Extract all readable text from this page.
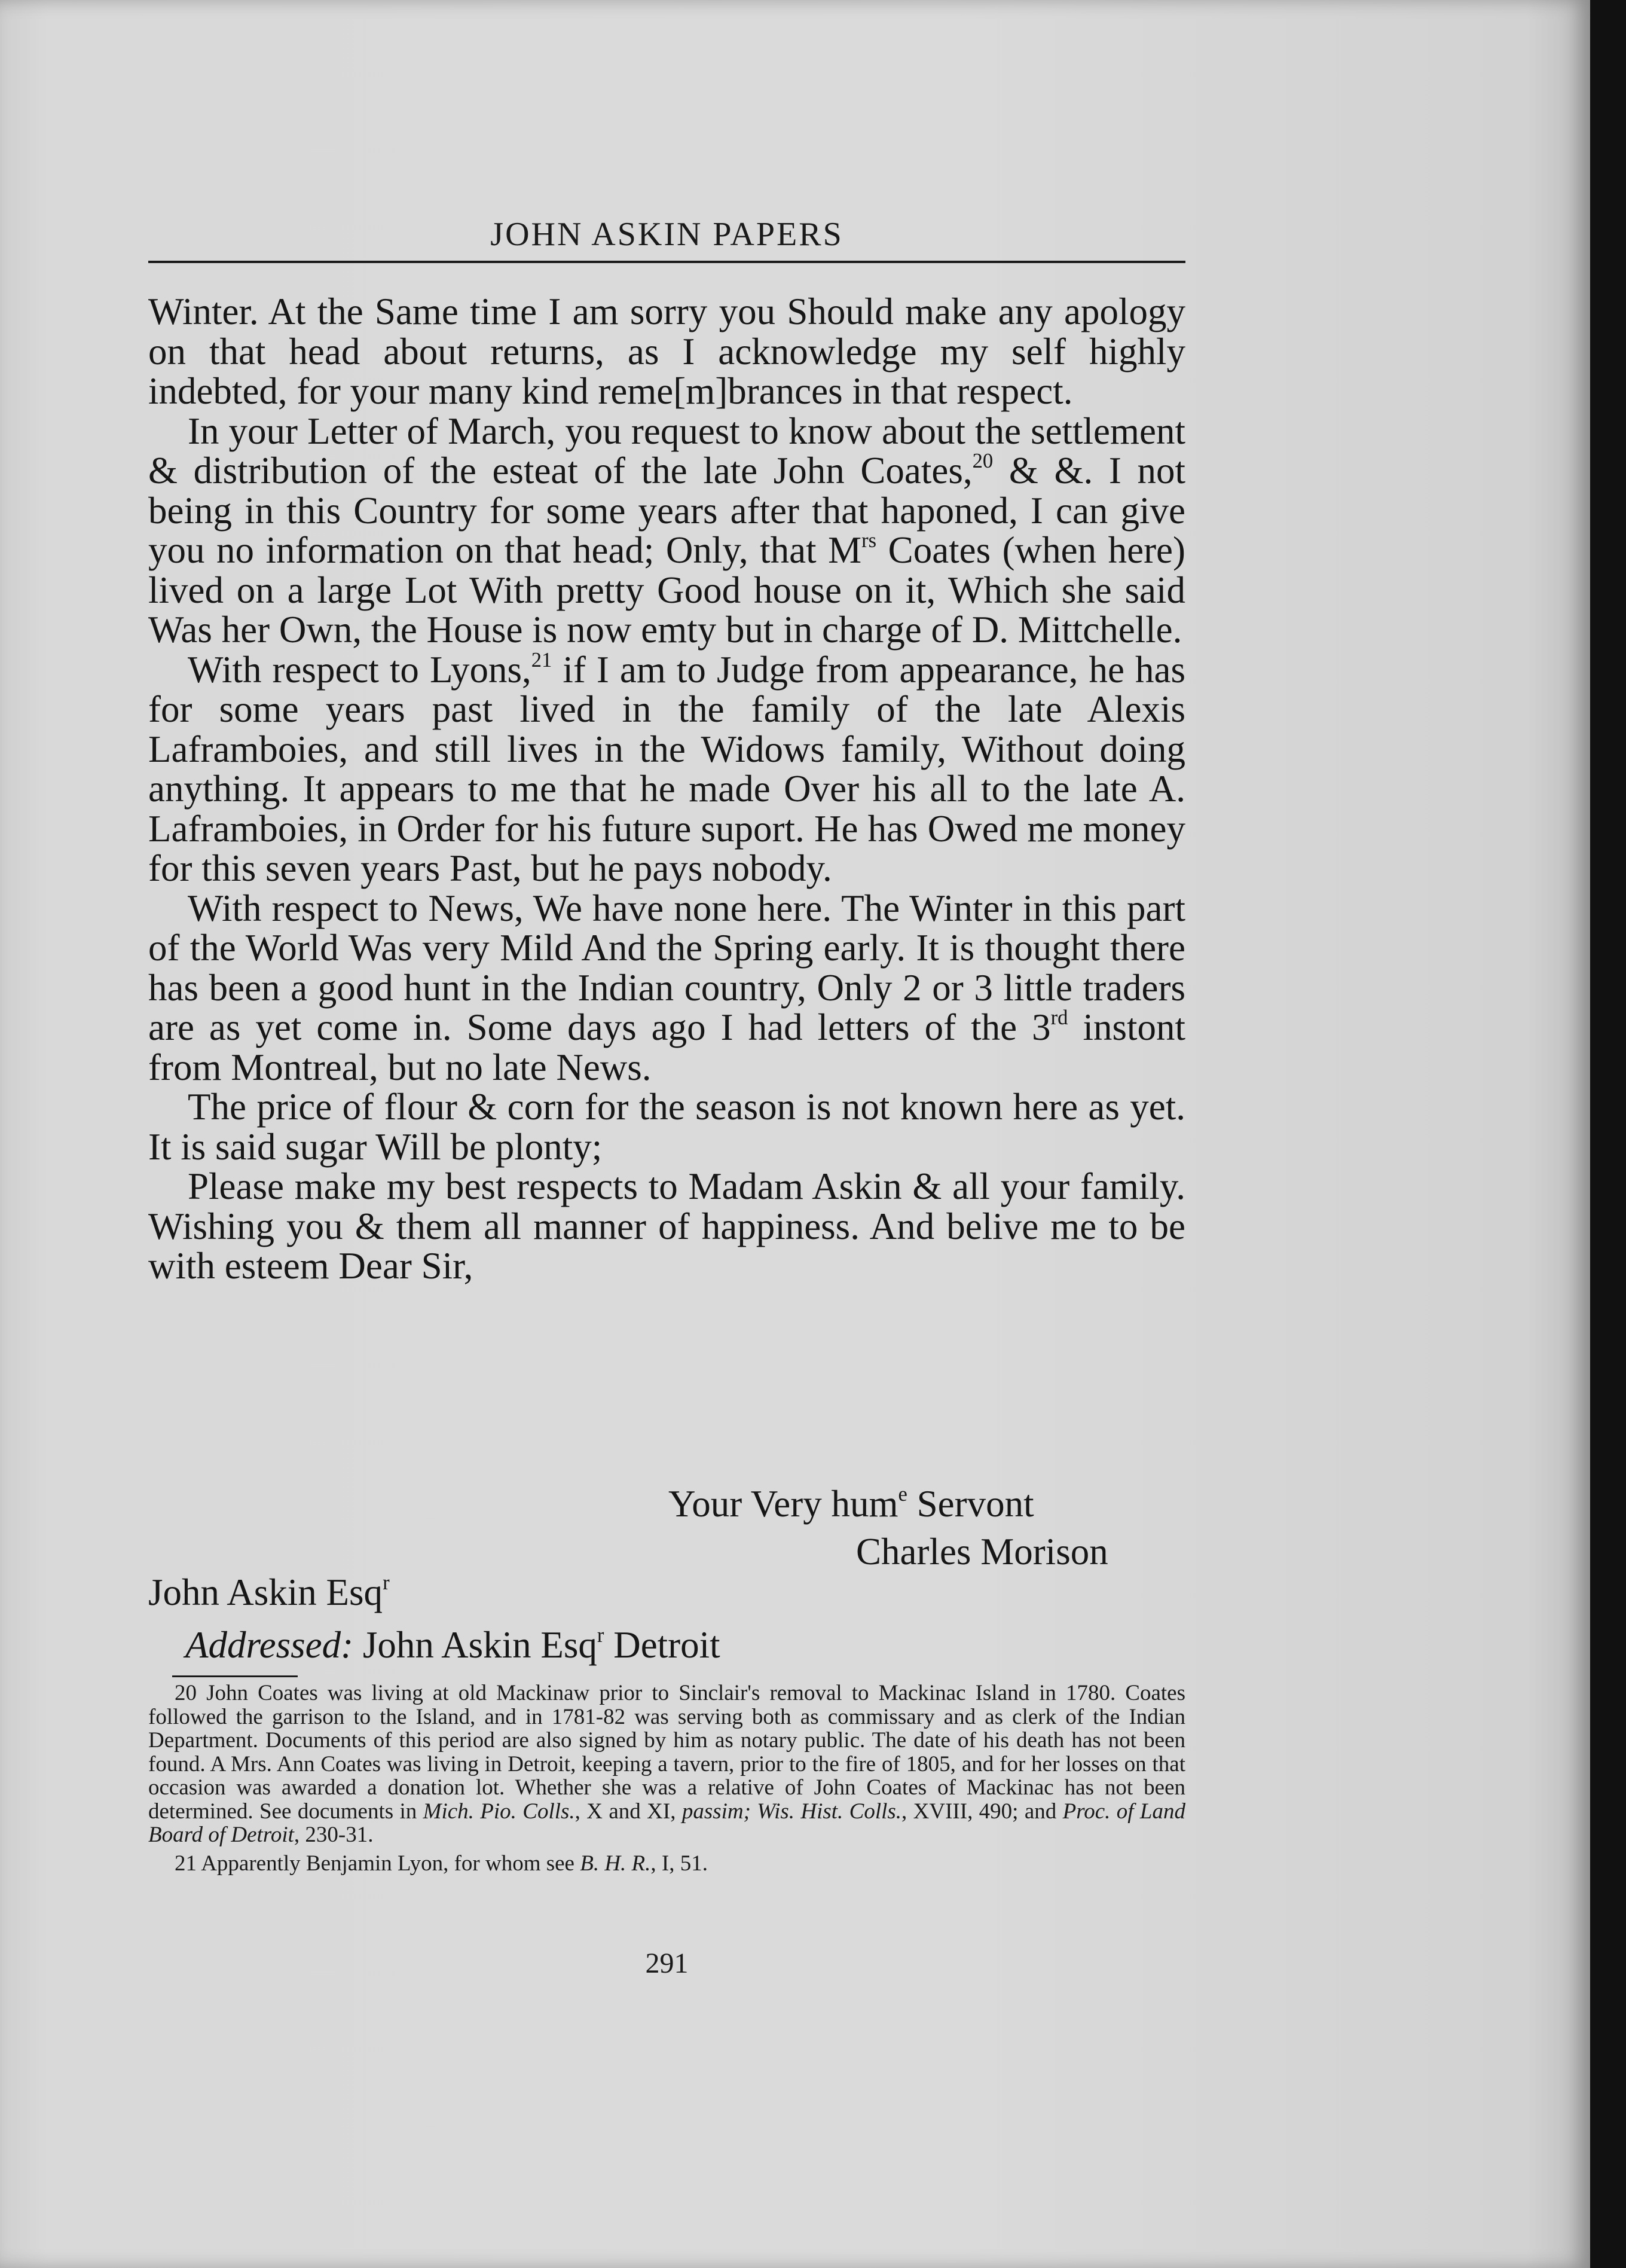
JOHN ASKIN PAPERS

Winter. At the Same time I am sorry you Should make any apology on that head about returns, as I acknowledge my self highly indebted, for your many kind reme[m]brances in that respect.

In your Letter of March, you request to know about the settlement & distribution of the esteat of the late John Coates,$^{20}$ & &. I not being in this Country for some years after that haponed, I can give you no information on that head; Only, that $M^{rs}$ Coates (when here) lived on a large Lot With pretty Good house on it, Which she said Was her Own, the House is now emty but in charge of D. Mittchelle.

With respect to Lyons,$^{21}$ if I am to Judge from appearance, he has for some years past lived in the family of the late Alexis Laframboies, and still lives in the Widows family, Without doing anything. It appears to me that he made Over his all to the late A. Laframboies, in Order for his future suport. He has Owed me money for this seven years Past, but he pays nobody.

With respect to News, We have none here. The Winter in this part of the World Was very Mild And the Spring early. It is thought there has been a good hunt in the Indian country, Only 2 or 3 little traders are as yet come in. Some days ago I had letters of the 3rd instont from Montreal, but no late News.

The price of flour & corn for the season is not known here as yet. It is said sugar Will be plonty;

Please make my best respects to Madam Askin & all your family. Wishing you & them all manner of happiness. And belive me to be with esteem Dear Sir,

Your Very hum$^e$ Servont
Charles Morison
John Askin Esq$^r$
Addressed: John Askin Esq$^r$ Detroit

20 John Coates was living at old Mackinaw prior to Sinclair's removal to Mackinac Island in 1780. Coates followed the garrison to the Island, and in 1781-82 was serving both as commissary and as clerk of the Indian Department. Documents of this period are also signed by him as notary public. The date of his death has not been found. A Mrs. Ann Coates was living in Detroit, keeping a tavern, prior to the fire of 1805, and for her losses on that occasion was awarded a donation lot. Whether she was a relative of John Coates of Mackinac has not been determined. See documents in Mich. Pio. Colls., X and XI, passim; Wis. Hist. Colls., XVIII, 490; and Proc. of Land Board of Detroit, 230-31.

21 Apparently Benjamin Lyon, for whom see B. H. R., I, 51.

291
